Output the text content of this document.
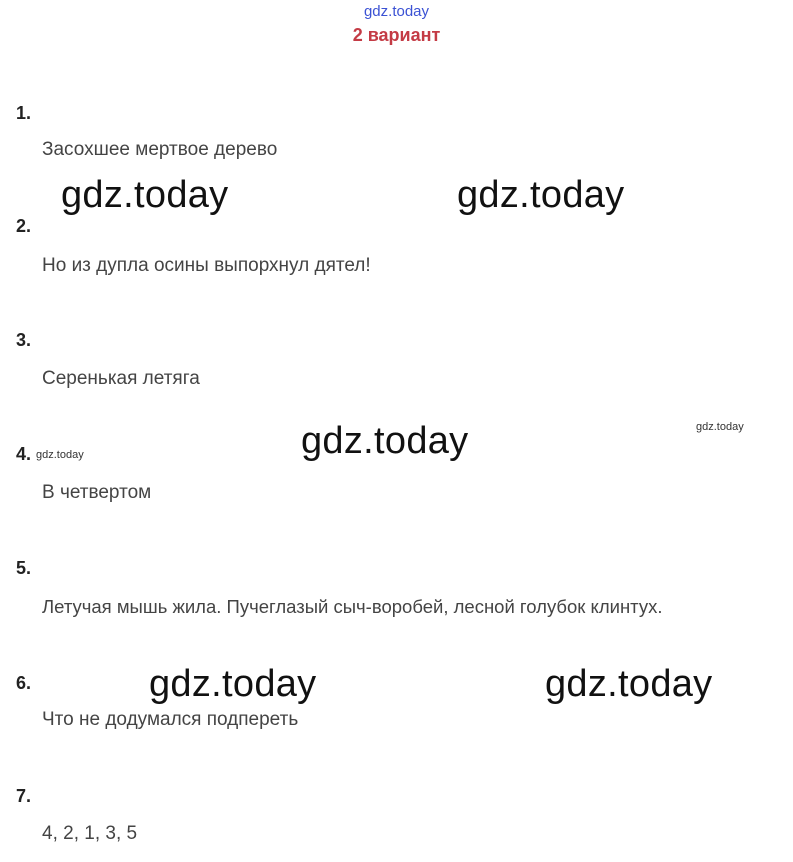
gdz.today
2 вариант
1.
Засохшее мертвое дерево
2.
Но из дупла осины выпорхнул дятел!
3.
Серенькая летяга
4.
В четвертом
5.
Летучая мышь жила. Пучеглазый сыч-воробей, лесной голубок клинтух.
6.
Что не додумался подпереть
7.
4, 2, 1, 3, 5
gdz.today	gdz.today
gdz.today
gdz.today	gdz.today
gdz.today
gdz.today
